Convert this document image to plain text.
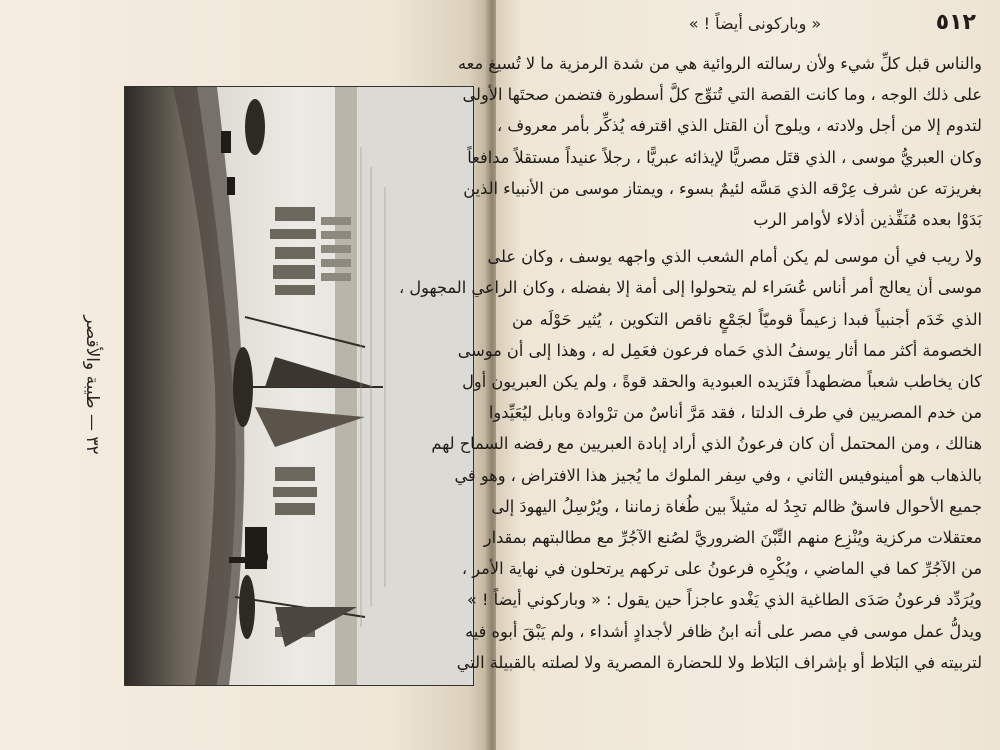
٣٢ — طيبة والأقصر
٥١٢
« وبارکونی أیضاً ! »
والناس قبل كلِّ شيء ولأن رسالته الروائية هي من شدة الرمزية ما لا تُسيغ معه
على ذلك الوجه ، وما كانت القصة التي تُتوِّج كلَّ أسطورة فتضمن صحتَها الأولى
لتدوم إلا من أجل ولادته ، ويلوح أن القتل الذي اقترفه يُذكِّر بأمر معروف ،
وكان العبريُّ موسى ، الذي قتَل مصريًّا لإيذائه عبريًّا ، رجلاً عنيداً مستقلاً مدافعاً
بغريزته عن شرف عِرْقه الذي مَسَّه لئيمٌ بسوء ، ويمتاز موسى من الأنبياء الذين
بَدَوْا بعده مُنَفِّذين أذلاء لأوامر الرب
ولا ريب في أن موسى لم يكن أمام الشعب الذي واجهه يوسف ، وكان على
موسى أن يعالج أمر أناس عُسَراء لم يتحولوا إلى أمة إلا بفضله ، وكان الراعي المجهول ،
الذي خَدَم أجنبياً فبدا زعيماً قوميّاً لجَمْعٍ ناقص التكوين ، يُثير حَوْلَه من
الخصومة أكثر مما أثار يوسفُ الذي حَماه فرعون فعَمِل له ، وهذا إلى أن موسى
كان يخاطب شعباً مضطهداً فتَزيده العبودية والحقد قوةً ، ولم يكن العبريون أول
من خدم المصريين في طرف الدلتا ، فقد مَرَّ أناسٌ من ترْوادة وبابل ليُعَيِّدوا
هنالك ، ومن المحتمل أن كان فرعونُ الذي أراد إبادة العبريين مع رفضه السماح لهم
بالذهاب هو أمينوفيس الثاني ، وفي سِفر الملوك ما يُجيز هذا الافتراض ، وهو في
جميع الأحوال فاسقٌ ظالم تجِدُ له مثيلاً بين طُغاة زماننا ، ويُرْسِلُ اليهودَ إلى
معتقلات مركزية ويُنْزِع منهم التِّبْنَ الضروريَّ لصُنع الآجُرِّ مع مطالبتهم بمقدار
من الآجُرِّ كما في الماضي ، ويُكْرِه فرعونُ على تركهم يرتحلون في نهاية الأمر ،
ويُرَدِّد فرعونُ صَدَى الطاغية الذي يَغْدو عاجزاً حين يقول : « وباركوني أيضاً ! »
ويدلُّ عمل موسى في مصر على أنه ابنُ ظافر لأجدادٍ أشداء ، ولم يَبْقَ أبوه فيه
لتربيته في البَلاط أو بإشراف البَلاط ولا للحضارة المصرية ولا لصلته بالقبيلة التي
